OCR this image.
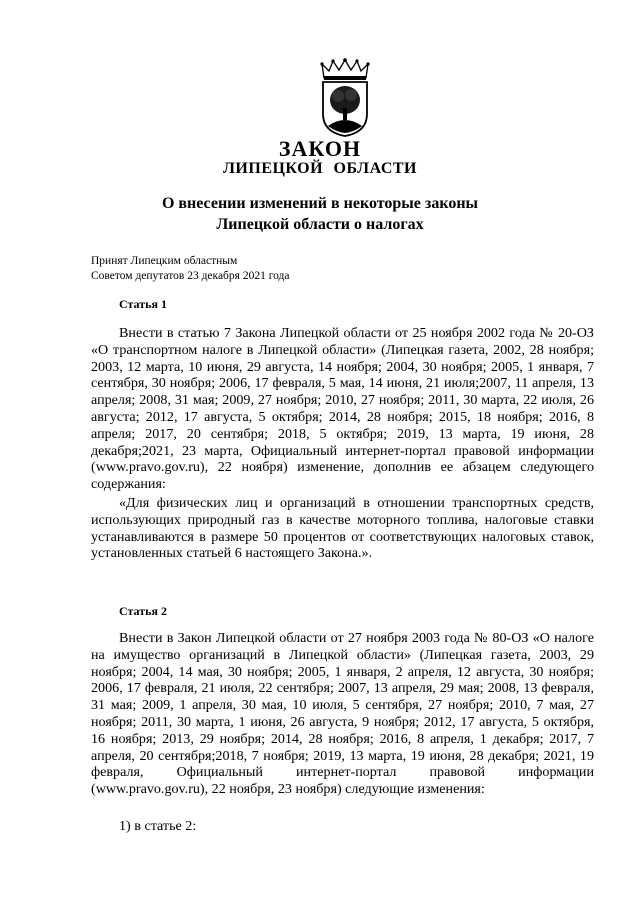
ЗАКОН
ЛИПЕЦКОЙ ОБЛАСТИ
О внесении изменений в некоторые законы
Липецкой области о налогах
Принят Липецким областным
Советом депутатов 23 декабря 2021 года
Статья 1

Внести в статью 7 Закона Липецкой области от 25 ноября 2002 года № 20-ОЗ «О транспортном налоге в Липецкой области» (Липецкая газета, 2002, 28 ноября; 2003, 12 марта, 10 июня, 29 августа, 14 ноября; 2004, 30 ноября; 2005, 1 января, 7 сентября, 30 ноября; 2006, 17 февраля, 5 мая, 14 июня, 21 июля;2007, 11 апреля, 13 апреля; 2008, 31 мая; 2009, 27 ноября; 2010, 27 ноября; 2011, 30 марта, 22 июля, 26 августа; 2012, 17 августа, 5 октября; 2014, 28 ноября; 2015, 18 ноября; 2016, 8 апреля; 2017, 20 сентября; 2018, 5 октября; 2019, 13 марта, 19 июня, 28 декабря;2021, 23 марта, Официальный интернет-портал правовой информации (www.pravo.gov.ru), 22 ноября) изменение, дополнив ее абзацем следующего содержания:

«Для физических лиц и организаций в отношении транспортных средств, использующих природный газ в качестве моторного топлива, налоговые ставки устанавливаются в размере 50 процентов от соответствующих налоговых ставок, установленных статьей 6 настоящего Закона.».

Статья 2

Внести в Закон Липецкой области от 27 ноября 2003 года № 80-ОЗ «О налоге на имущество организаций в Липецкой области» (Липецкая газета, 2003, 29 ноября; 2004, 14 мая, 30 ноября; 2005, 1 января, 2 апреля, 12 августа, 30 ноября; 2006, 17 февраля, 21 июля, 22 сентября; 2007, 13 апреля, 29 мая; 2008, 13 февраля, 31 мая; 2009, 1 апреля, 30 мая, 10 июля, 5 сентября, 27 ноября; 2010, 7 мая, 27 ноября; 2011, 30 марта, 1 июня, 26 августа, 9 ноября; 2012, 17 августа, 5 октября, 16 ноября; 2013, 29 ноября; 2014, 28 ноября; 2016, 8 апреля, 1 декабря; 2017, 7 апреля, 20 сентября;2018, 7 ноября; 2019, 13 марта, 19 июня, 28 декабря; 2021, 19 февраля, Официальный интернет-портал правовой информации (www.pravo.gov.ru), 22 ноября, 23 ноября) следующие изменения:

1) в статье 2:
